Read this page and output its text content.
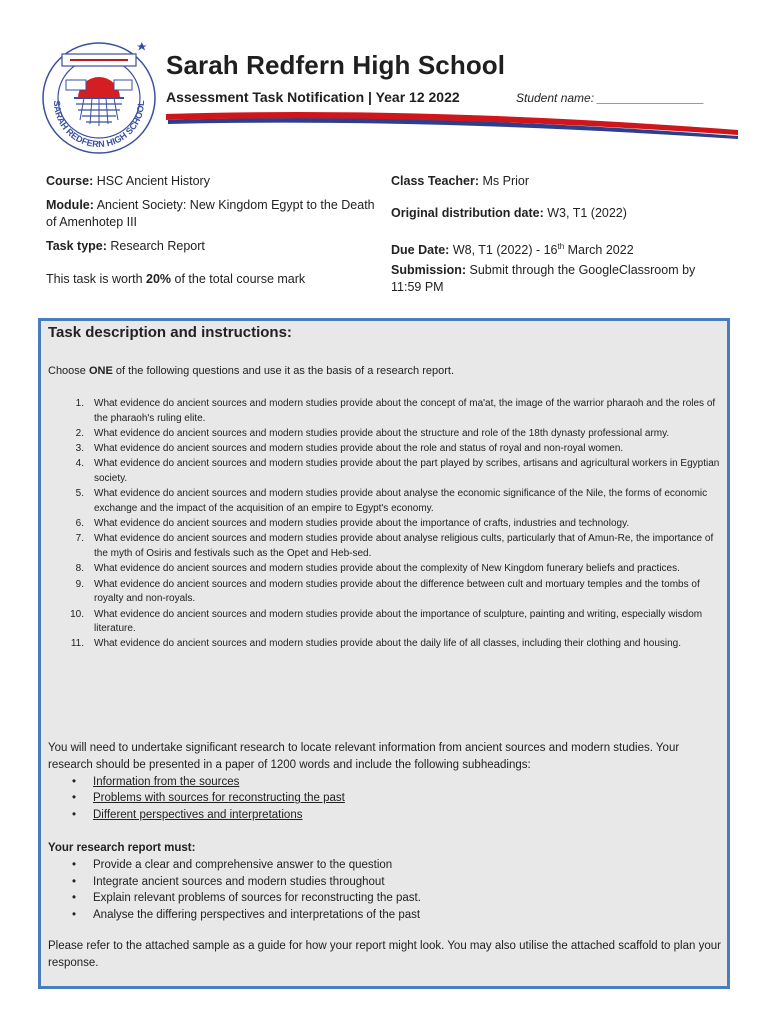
SARAH REDFERN HIGH SCHOOL
Sarah Redfern High School
Assessment Task Notification | Year 12 2022	Student name: ________________
Course: HSC Ancient History	Class Teacher: Ms Prior
Module: Ancient Society: New Kingdom Egypt to the Death of Amenhotep III
Original distribution date: W3, T1 (2022)
Task type: Research Report	Due Date: W8, T1 (2022) - 16th March 2022
This task is worth 20% of the total course mark
Submission: Submit through the GoogleClassroom by 11:59 PM
Task description and instructions:
Choose ONE of the following questions and use it as the basis of a research report.
1. What evidence do ancient sources and modern studies provide about the concept of ma'at, the image of the warrior pharaoh and the roles of the pharaoh's ruling elite.
2. What evidence do ancient sources and modern studies provide about the structure and role of the 18th dynasty professional army.
3. What evidence do ancient sources and modern studies provide about the role and status of royal and non-royal women.
4. What evidence do ancient sources and modern studies provide about the part played by scribes, artisans and agricultural workers in Egyptian society.
5. What evidence do ancient sources and modern studies provide about analyse the economic significance of the Nile, the forms of economic exchange and the impact of the acquisition of an empire to Egypt's economy.
6. What evidence do ancient sources and modern studies provide about the importance of crafts, industries and technology.
7. What evidence do ancient sources and modern studies provide about analyse religious cults, particularly that of Amun-Re, the importance of the myth of Osiris and festivals such as the Opet and Heb-sed.
8. What evidence do ancient sources and modern studies provide about the complexity of New Kingdom funerary beliefs and practices.
9. What evidence do ancient sources and modern studies provide about the difference between cult and mortuary temples and the tombs of royalty and non-royals.
10. What evidence do ancient sources and modern studies provide about the importance of sculpture, painting and writing, especially wisdom literature.
11. What evidence do ancient sources and modern studies provide about the daily life of all classes, including their clothing and housing.
You will need to undertake significant research to locate relevant information from ancient sources and modern studies. Your research should be presented in a paper of 1200 words and include the following subheadings:
• Information from the sources
• Problems with sources for reconstructing the past
• Different perspectives and interpretations
Your research report must:
• Provide a clear and comprehensive answer to the question
• Integrate ancient sources and modern studies throughout
• Explain relevant problems of sources for reconstructing the past.
• Analyse the differing perspectives and interpretations of the past
Please refer to the attached sample as a guide for how your report might look. You may also utilise the attached scaffold to plan your response.
